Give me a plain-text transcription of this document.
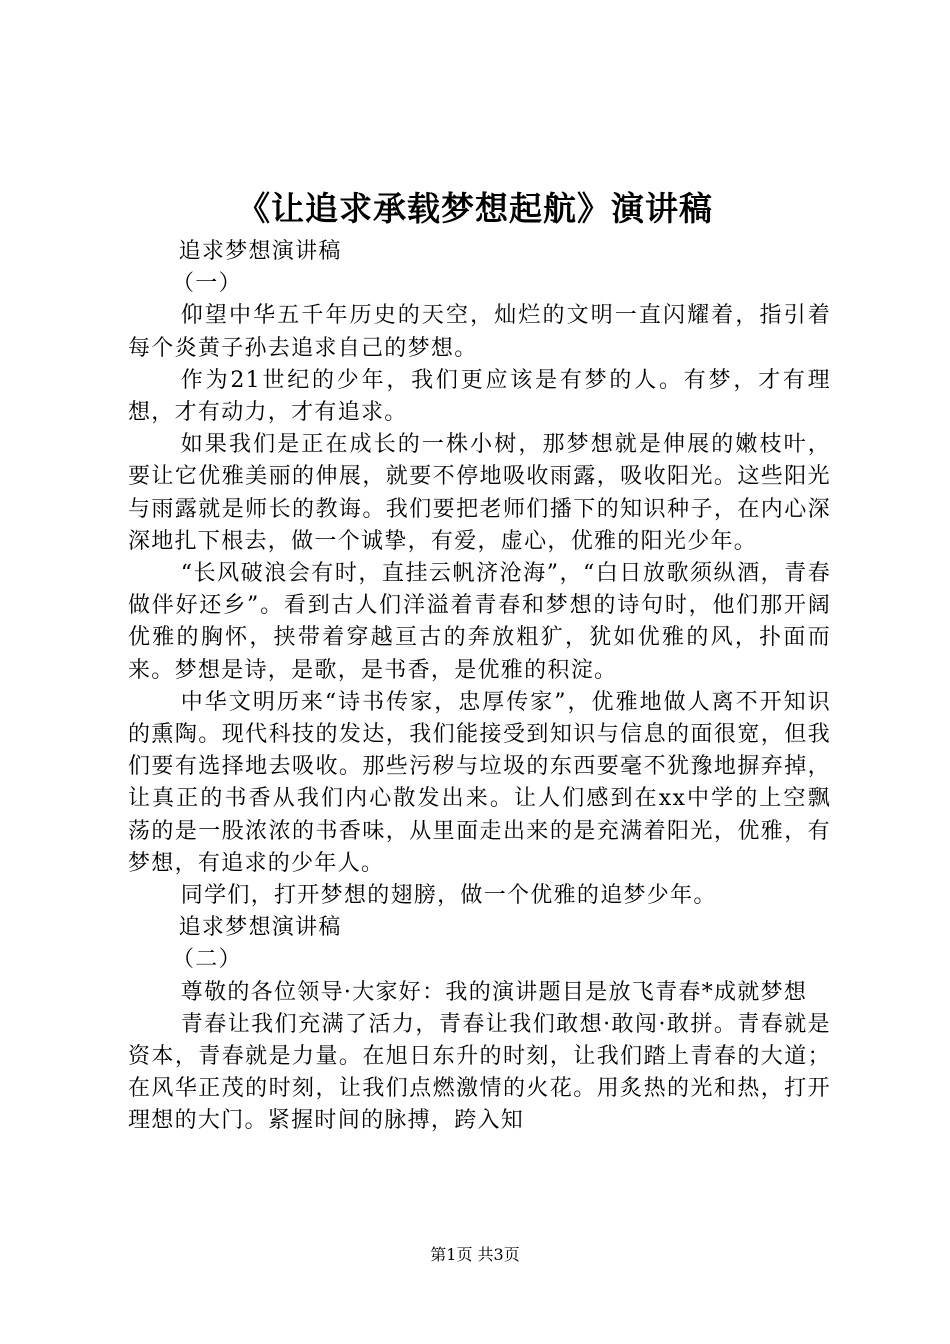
《让追求承载梦想起航》演讲稿

追求梦想演讲稿

（一）

仰望中华五千年历史的天空，灿烂的文明一直闪耀着，指引着每个炎黄子孙去追求自己的梦想。

作为21世纪的少年，我们更应该是有梦的人。有梦，才有理想，才有动力，才有追求。

如果我们是正在成长的一株小树，那梦想就是伸展的嫩枝叶，要让它优雅美丽的伸展，就要不停地吸收雨露，吸收阳光。这些阳光与雨露就是师长的教诲。我们要把老师们播下的知识种子，在内心深深地扎下根去，做一个诚挚，有爱，虚心，优雅的阳光少年。

“长风破浪会有时，直挂云帆济沧海”，“白日放歌须纵酒，青春做伴好还乡”。看到古人们洋溢着青春和梦想的诗句时，他们那开阔优雅的胸怀，挟带着穿越亘古的奔放粗犷，犹如优雅的风，扑面而来。梦想是诗，是歌，是书香，是优雅的积淀。

中华文明历来“诗书传家，忠厚传家”，优雅地做人离不开知识的熏陶。现代科技的发达，我们能接受到知识与信息的面很宽，但我们要有选择地去吸收。那些污秽与垃圾的东西要毫不犹豫地摒弃掉，让真正的书香从我们内心散发出来。让人们感到在xx中学的上空飘荡的是一股浓浓的书香味，从里面走出来的是充满着阳光，优雅，有梦想，有追求的少年人。

同学们，打开梦想的翅膀，做一个优雅的追梦少年。

追求梦想演讲稿

（二）

尊敬的各位领导·大家好：我的演讲题目是放飞青春*成就梦想

青春让我们充满了活力，青春让我们敢想·敢闯·敢拼。青春就是资本，青春就是力量。在旭日东升的时刻，让我们踏上青春的大道；在风华正茂的时刻，让我们点燃激情的火花。用炙热的光和热，打开理想的大门。紧握时间的脉搏，跨入知

第1页 共3页
